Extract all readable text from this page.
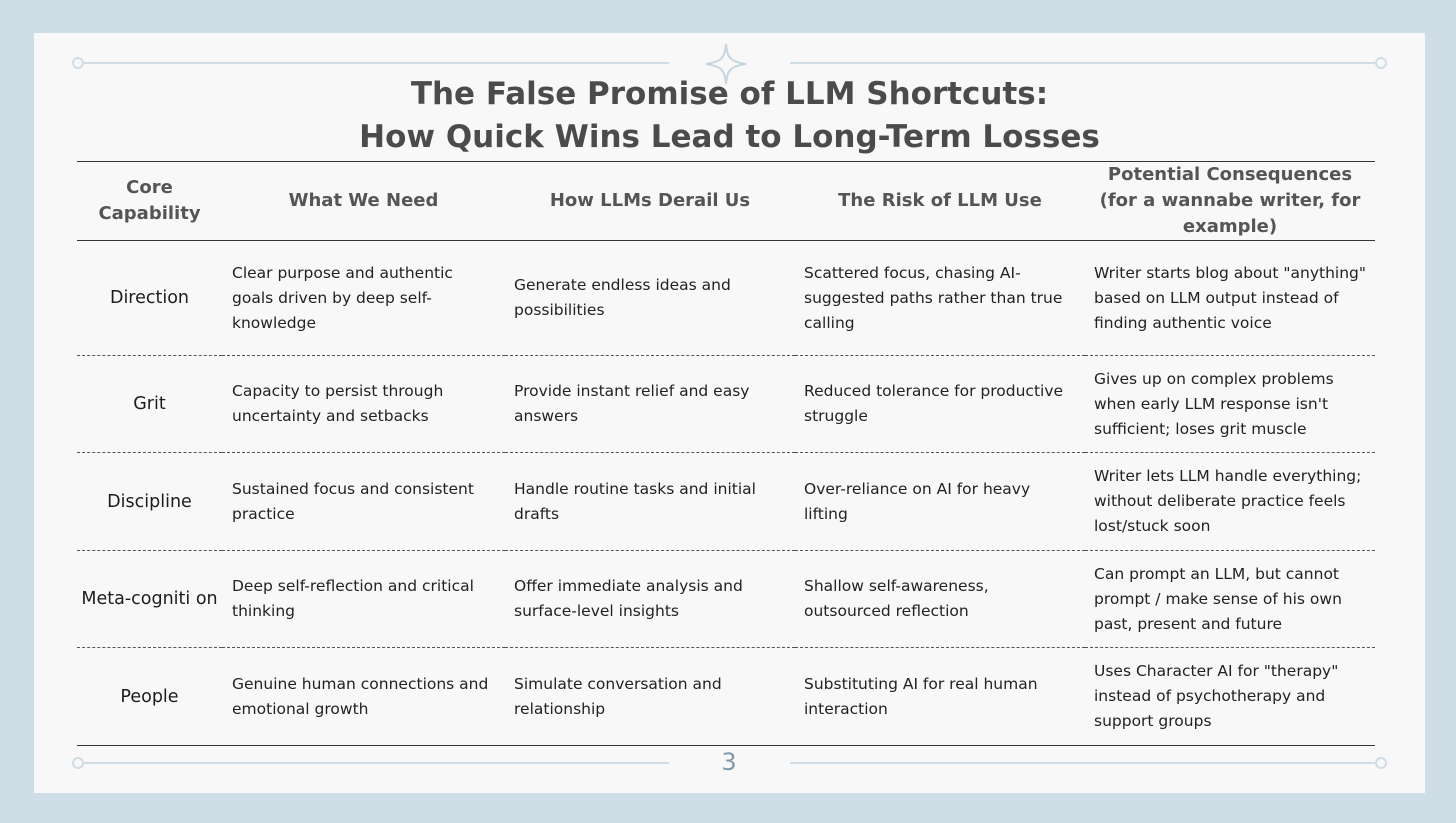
The False Promise of LLM Shortcuts:
How Quick Wins Lead to Long-Term Losses
Core Capability	What We Need	How LLMs Derail Us	The Risk of LLM Use	Potential Consequences (for a wannabe writer, for example)
Direction	Clear purpose and authentic goals driven by deep self-knowledge	Generate endless ideas and possibilities	Scattered focus, chasing AI-suggested paths rather than true calling	Writer starts blog about "anything" based on LLM output instead of finding authentic voice
Grit	Capacity to persist through uncertainty and setbacks	Provide instant relief and easy answers	Reduced tolerance for productive struggle	Gives up on complex problems when early LLM response isn't sufficient; loses grit muscle
Discipline	Sustained focus and consistent practice	Handle routine tasks and initial drafts	Over-reliance on AI for heavy lifting	Writer lets LLM handle everything; without deliberate practice feels lost/stuck soon
Meta-cogniti on	Deep self-reflection and critical thinking	Offer immediate analysis and surface-level insights	Shallow self-awareness, outsourced reflection	Can prompt an LLM, but cannot prompt / make sense of his own past, present and future
People	Genuine human connections and emotional growth	Simulate conversation and relationship	Substituting AI for real human interaction	Uses Character AI for "therapy" instead of psychotherapy and support groups
3
